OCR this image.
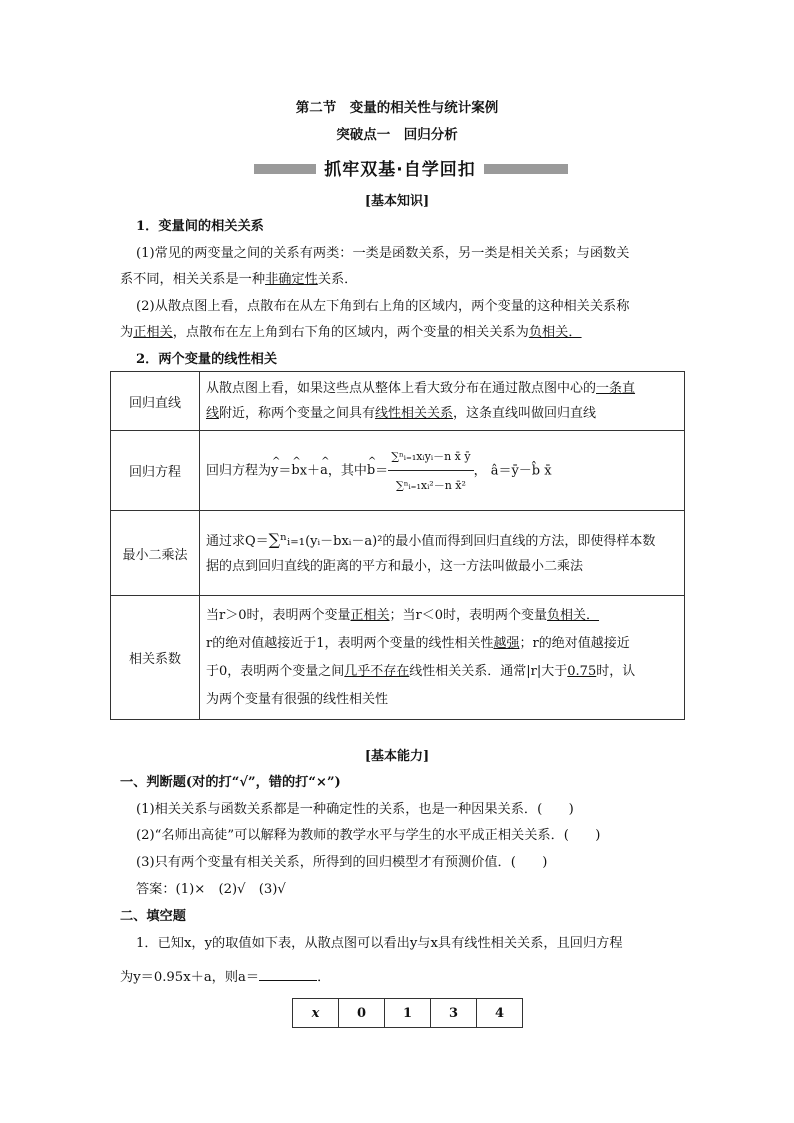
第二节　变量的相关性与统计案例
突破点一　回归分析
抓牢双基·自学回扣
[基本知识]
1．变量间的相关关系
(1)常见的两变量之间的关系有两类：一类是函数关系，另一类是相关关系；与函数关
系不同，相关关系是一种非确定性关系．
(2)从散点图上看，点散布在从左下角到右上角的区域内，两个变量的这种相关关系称
为正相关，点散布在左上角到右下角的区域内，两个变量的相关关系为负相关．
2．两个变量的线性相关
回归直线	从散点图上看，如果这些点从整体上看大致分布在通过散点图中心的一条直
线附近，称两个变量之间具有线性相关关系，这条直线叫做回归直线

回归方程	回归方程为^ y＝^ bx＋^ a，其中^ $b= \frac{\text{∑ⁿᵢ₌₁xᵢyᵢ－n x̄ ȳ}}{\text{∑ⁿᵢ₌₁xᵢ²－n x̄²}}$ ， â＝ȳ－b̂ x̄
最小二乘法	通过求Q＝∑ⁿᵢ₌₁(yᵢ－bxᵢ－a)²的最小值而得到回归直线的方法，即使得样本数
据的点到回归直线的距离的平方和最小，这一方法叫做最小二乘法

相关系数	当r＞0时，表明两个变量正相关；当r＜0时，表明两个变量负相关．
r的绝对值越接近于1，表明两个变量的线性相关性越强；r的绝对值越接近
于0，表明两个变量之间几乎不存在线性相关关系．通常|r|大于0.75时，认
为两个变量有很强的线性相关性
[基本能力]
一、判断题(对的打“√”，错的打“×”)
(1)相关关系与函数关系都是一种确定性的关系，也是一种因果关系．(　　)
(2)“名师出高徒”可以解释为教师的教学水平与学生的水平成正相关关系．(　　)
(3)只有两个变量有相关关系，所得到的回归模型才有预测价值．(　　)
答案：(1)×　(2)√　(3)√
二、填空题
1．已知x，y的取值如下表，从散点图可以看出y与x具有线性相关关系，且回归方程
为y＝0.95x＋a，则a＝	．
x	0	1	3	4
